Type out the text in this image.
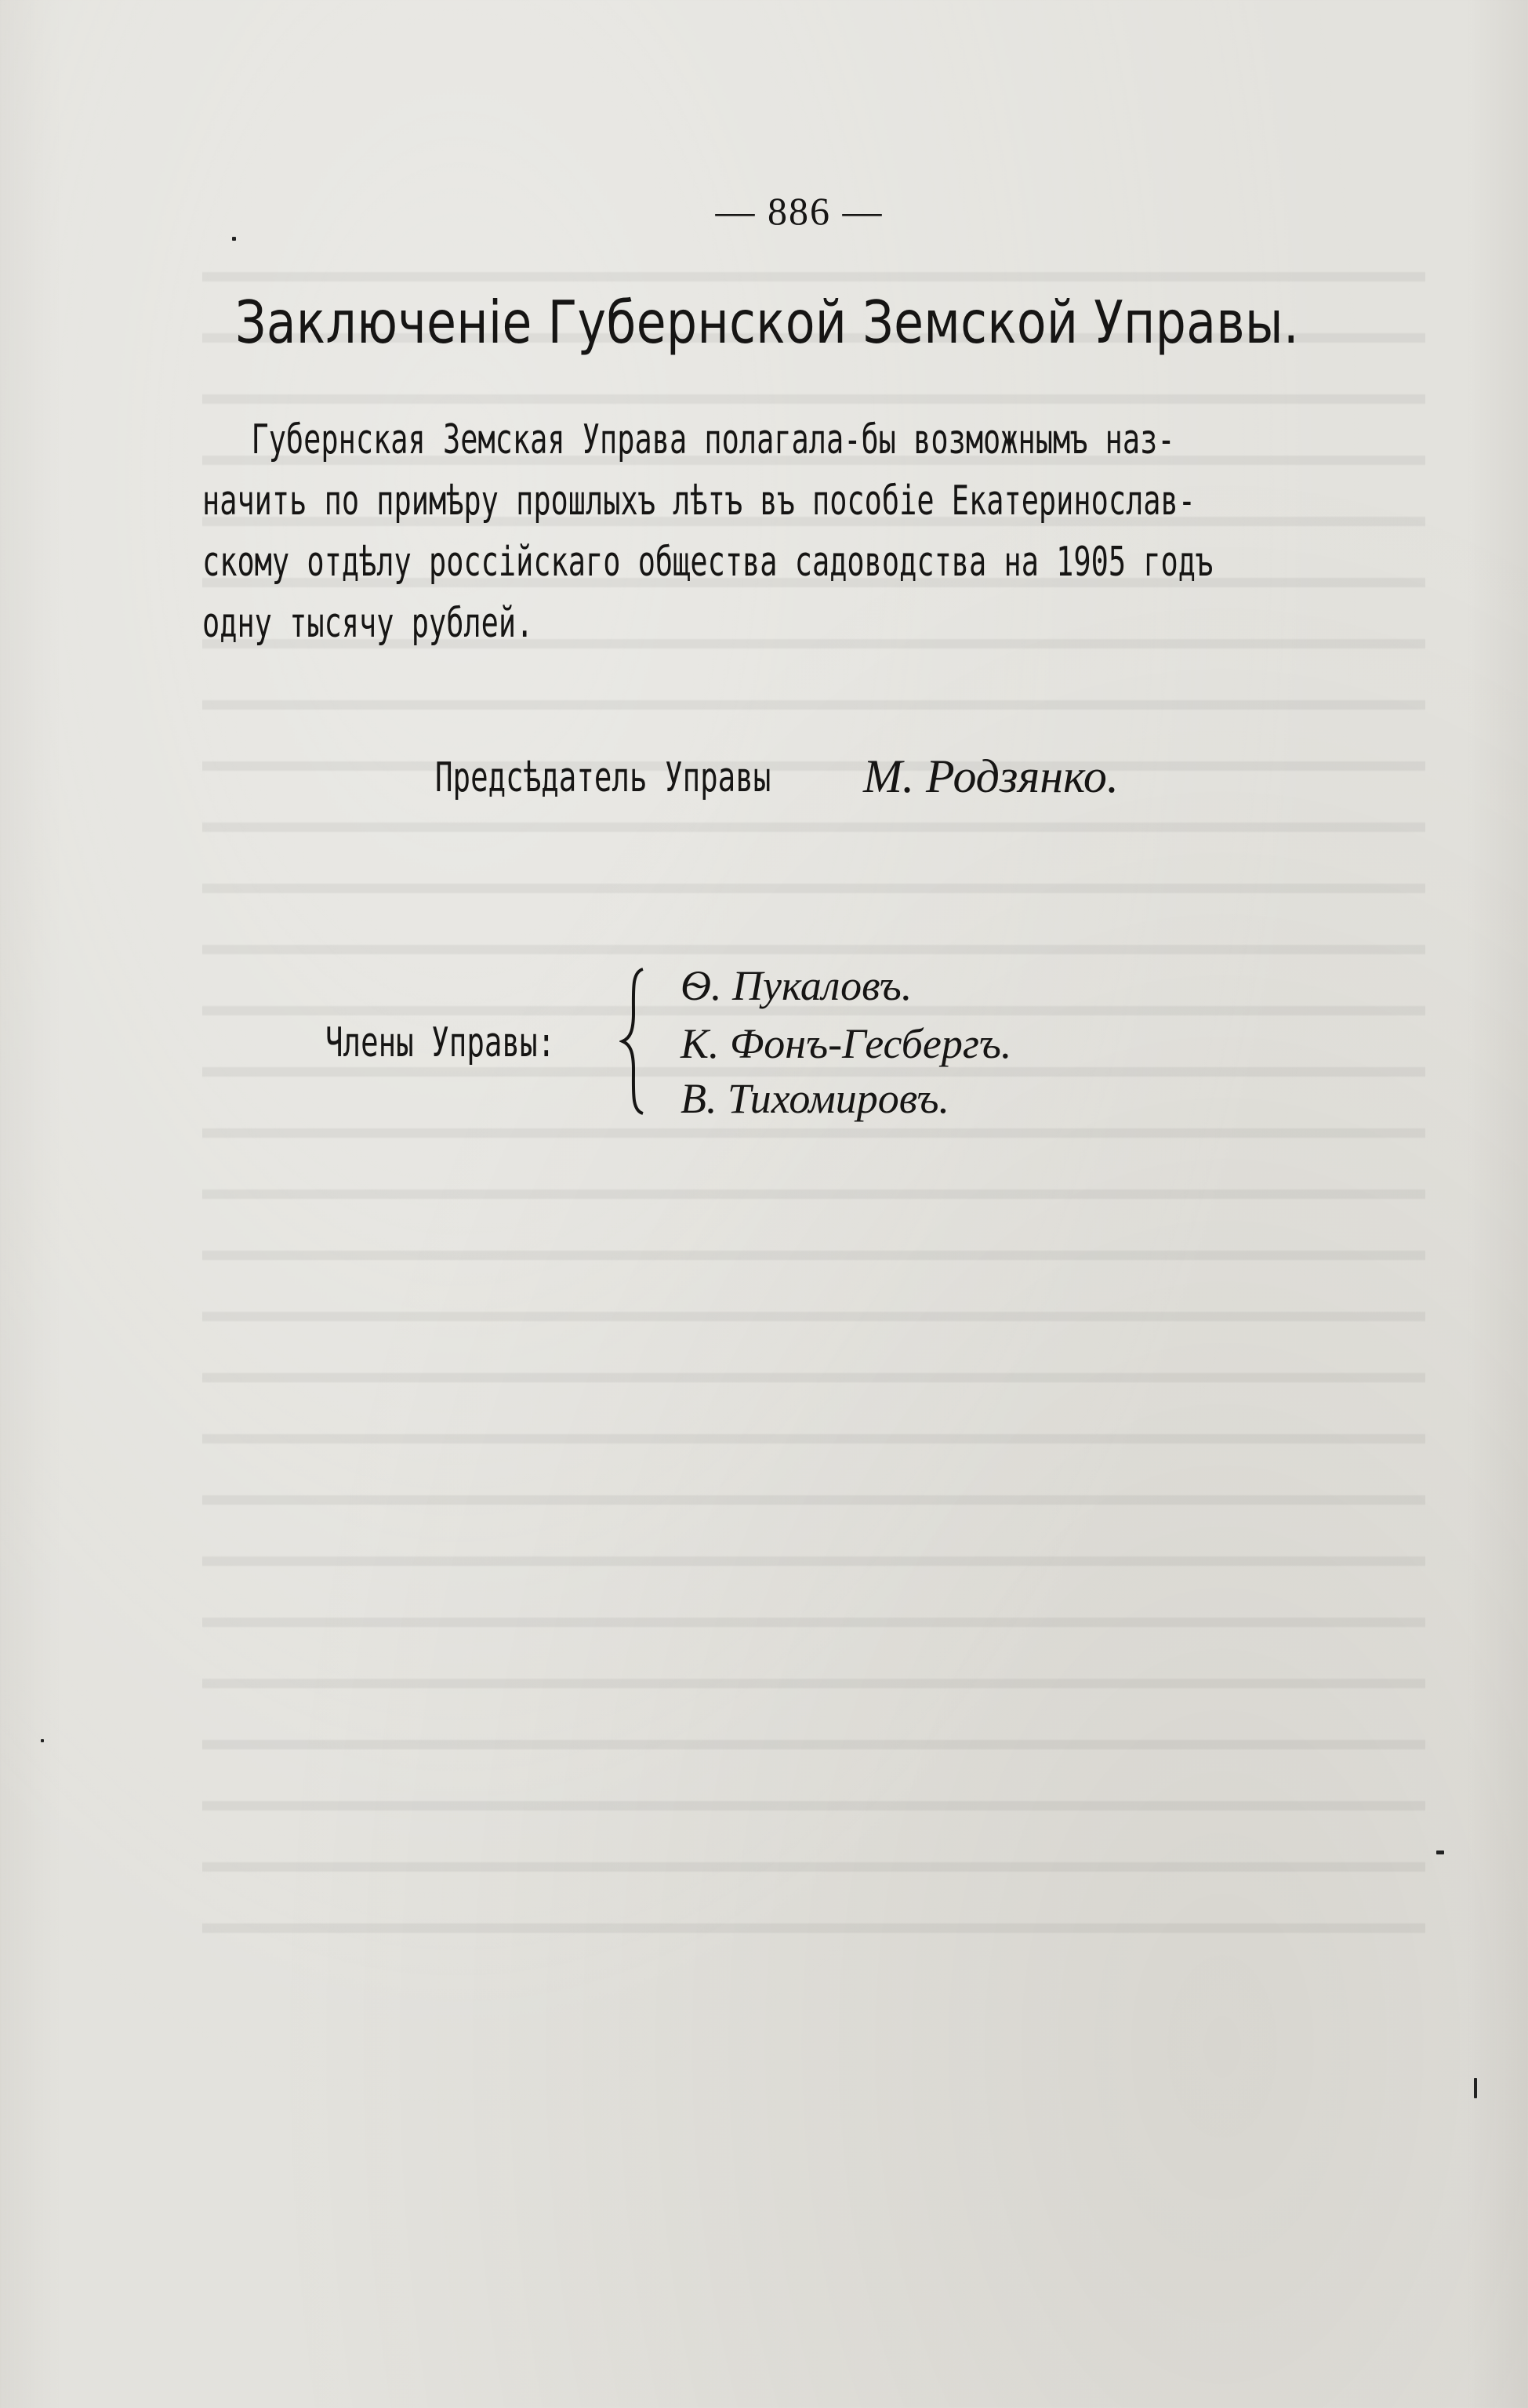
— 886 —
Заключеніе Губернской Земской Управы.
Губернская Земская Управа полагала-бы возможнымъ наз-
начить по примѣру прошлыхъ лѣтъ въ пособіе Екатеринослав-
скому отдѣлу россійскаго общества садоводства на 1905 годъ
одну тысячу рублей.
Предсѣдатель Управы М. Родзянко.
Члены Управы:
Ѳ. Пукаловъ.
К. Фонъ-Гесбергъ.
В. Тихомировъ.
